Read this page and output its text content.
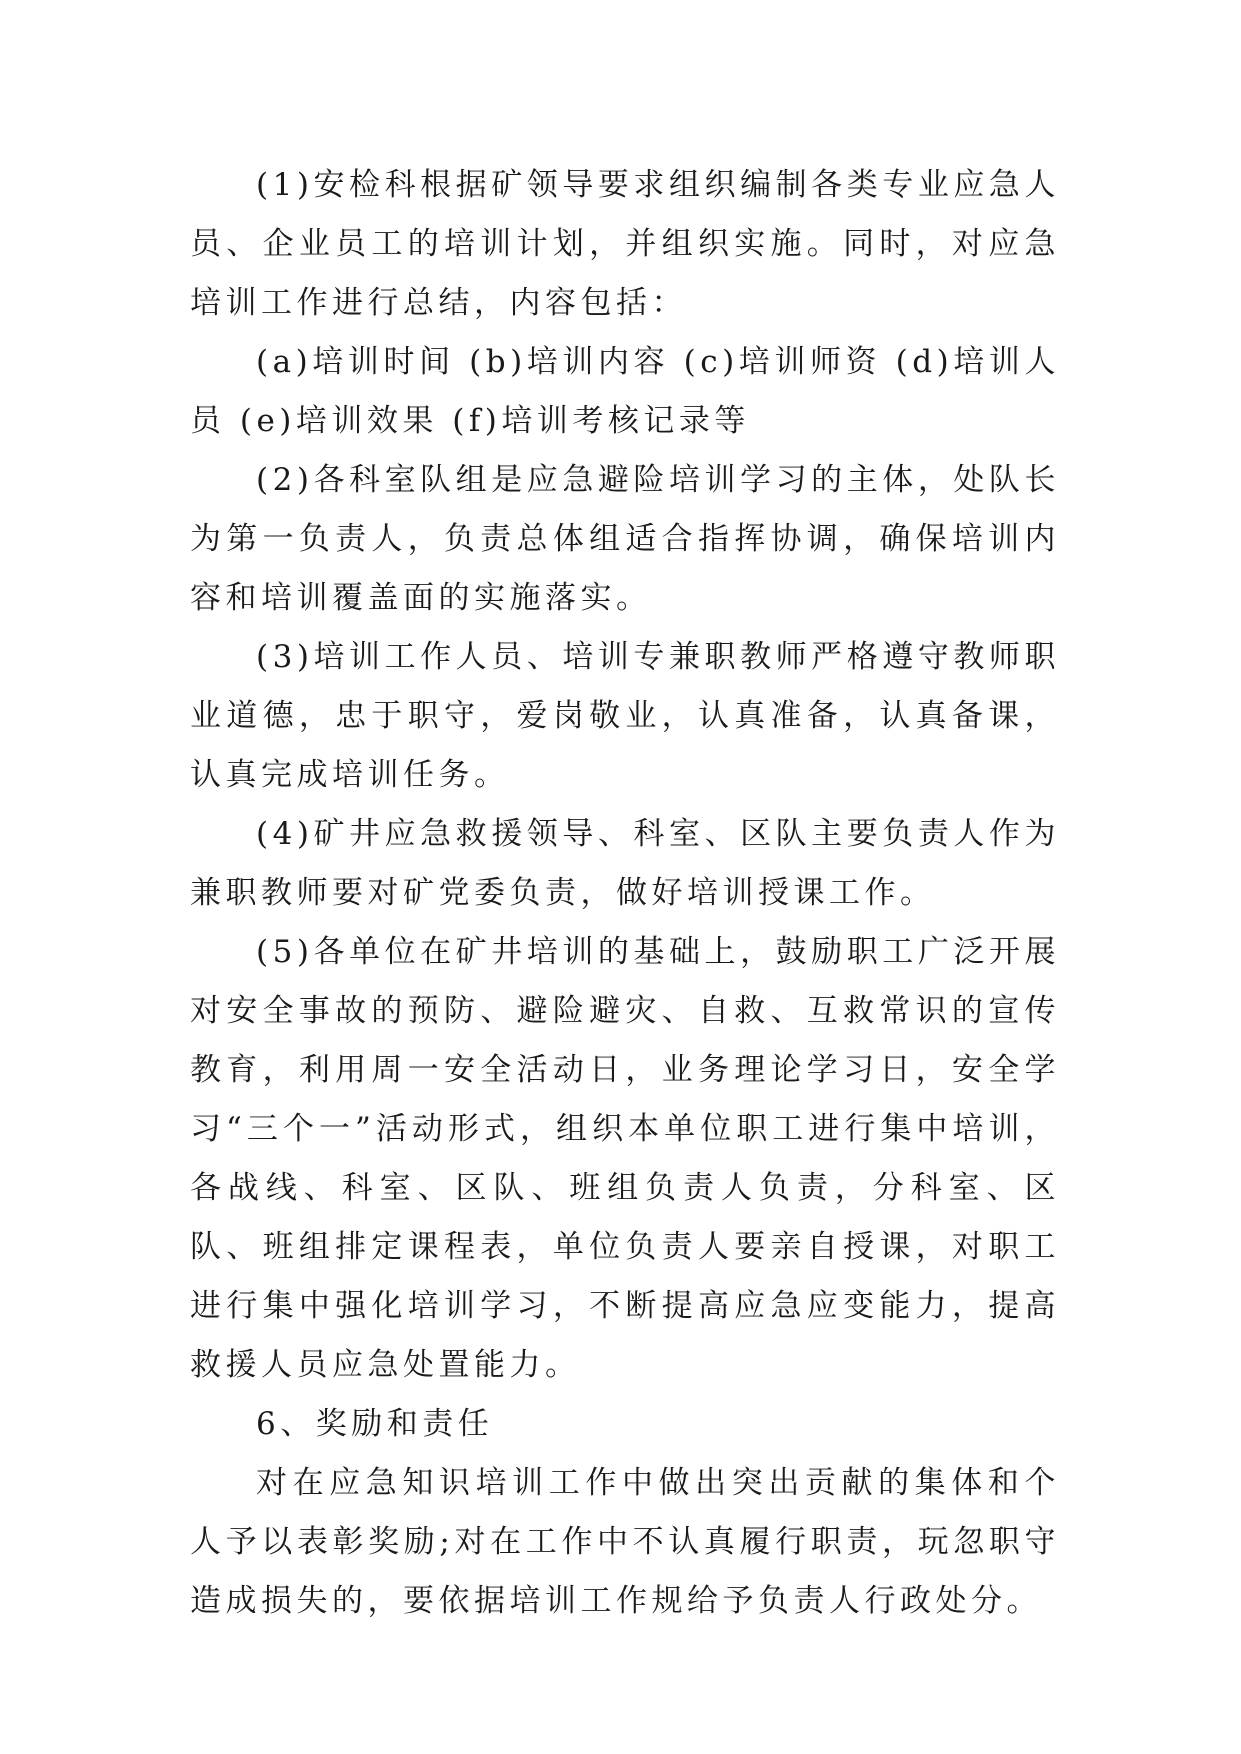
(1)安检科根据矿领导要求组织编制各类专业应急人员、企业员工的培训计划，并组织实施。同时，对应急培训工作进行总结，内容包括：

(a)培训时间 (b)培训内容 (c)培训师资 (d)培训人员 (e)培训效果 (f)培训考核记录等

(2)各科室队组是应急避险培训学习的主体，处队长为第一负责人，负责总体组适合指挥协调，确保培训内容和培训覆盖面的实施落实。

(3)培训工作人员、培训专兼职教师严格遵守教师职业道德，忠于职守，爱岗敬业，认真准备，认真备课，认真完成培训任务。

(4)矿井应急救援领导、科室、区队主要负责人作为兼职教师要对矿党委负责，做好培训授课工作。

(5)各单位在矿井培训的基础上，鼓励职工广泛开展对安全事故的预防、避险避灾、自救、互救常识的宣传教育，利用周一安全活动日，业务理论学习日，安全学习“三个一”活动形式，组织本单位职工进行集中培训，各战线、科室、区队、班组负责人负责，分科室、区队、班组排定课程表，单位负责人要亲自授课，对职工进行集中强化培训学习，不断提高应急应变能力，提高救援人员应急处置能力。

6、奖励和责任

对在应急知识培训工作中做出突出贡献的集体和个人予以表彰奖励;对在工作中不认真履行职责，玩忽职守造成损失的，要依据培训工作规给予负责人行政处分。
